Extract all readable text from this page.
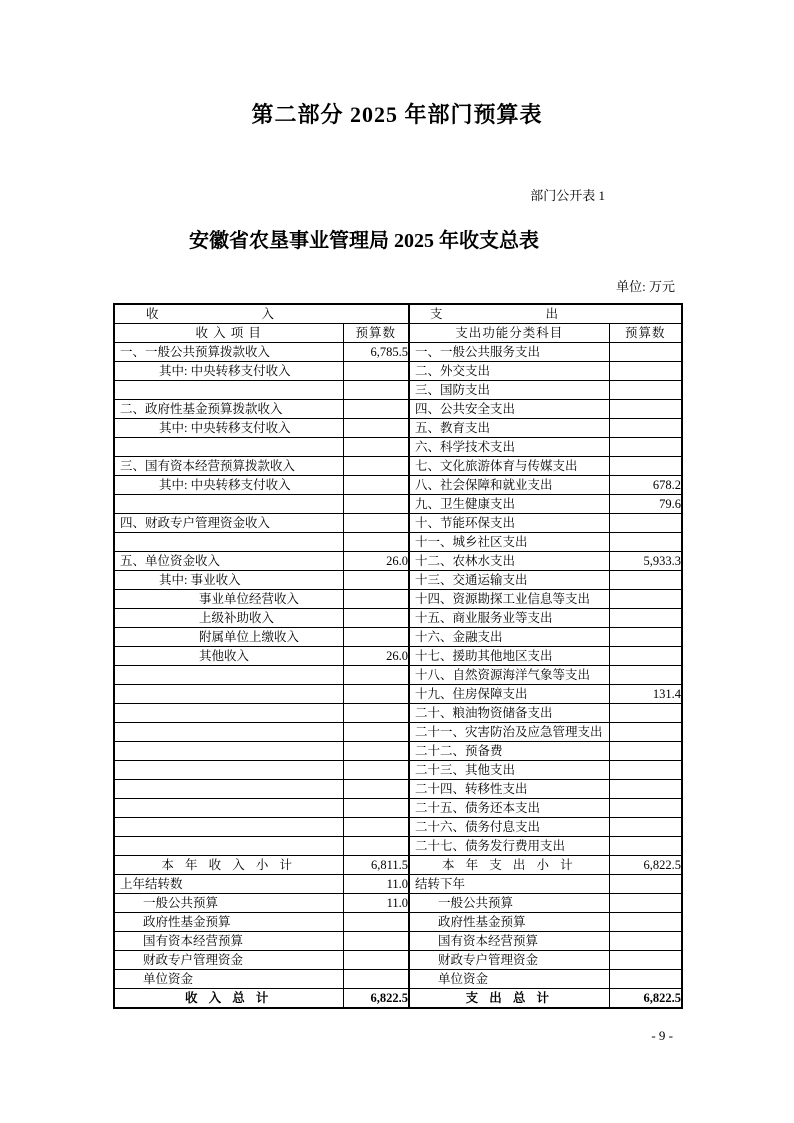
第二部分 2025 年部门预算表
部门公开表 1
安徽省农垦事业管理局 2025 年收支总表
单位: 万元
收入		支出	
收 入 项 目	预算数	支出功能分类科目	预算数
一、一般公共预算拨款收入	6,785.5	一、一般公共服务支出	
其中: 中央转移支付收入		二、外交支出	
		三、国防支出	
二、政府性基金预算拨款收入		四、公共安全支出	
其中: 中央转移支付收入		五、教育支出	
		六、科学技术支出	
三、国有资本经营预算拨款收入		七、文化旅游体育与传媒支出	
其中: 中央转移支付收入		八、社会保障和就业支出	678.2
		九、卫生健康支出	79.6
四、财政专户管理资金收入		十、节能环保支出	
		十一、城乡社区支出	
五、单位资金收入	26.0	十二、农林水支出	5,933.3
其中: 事业收入		十三、交通运输支出	
事业单位经营收入		十四、资源勘探工业信息等支出	
上级补助收入		十五、商业服务业等支出	
附属单位上缴收入		十六、金融支出	
其他收入	26.0	十七、援助其他地区支出	
		十八、自然资源海洋气象等支出	
		十九、住房保障支出	131.4
		二十、粮油物资储备支出	
		二十一、灾害防治及应急管理支出	
		二十二、预备费	
		二十三、其他支出	
		二十四、转移性支出	
		二十五、债务还本支出	
		二十六、债务付息支出	
		二十七、债务发行费用支出	
本 年 收 入 小 计	6,811.5	本 年 支 出 小 计	6,822.5
上年结转数	11.0	结转下年	
一般公共预算	11.0	一般公共预算	
政府性基金预算		政府性基金预算	
国有资本经营预算		国有资本经营预算	
财政专户管理资金		财政专户管理资金	
单位资金		单位资金	
收 入 总 计	6,822.5	支 出 总 计	6,822.5
- 9 -
